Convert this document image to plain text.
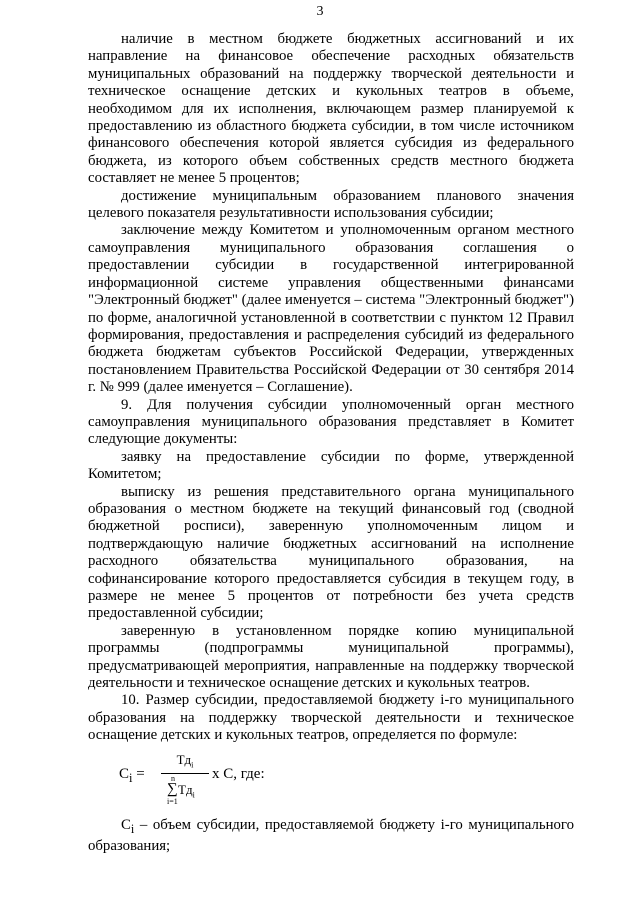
3

наличие в местном бюджете бюджетных ассигнований и их направление на финансовое обеспечение расходных обязательств муниципальных образований на поддержку творческой деятельности и техническое оснащение детских и кукольных театров в объеме, необходимом для их исполнения, включающем размер планируемой к предоставлению из областного бюджета субсидии, в том числе источником финансового обеспечения которой является субсидия из федерального бюджета, из которого объем собственных средств местного бюджета составляет не менее 5 процентов;

достижение муниципальным образованием планового значения целевого показателя результативности использования субсидии;

заключение между Комитетом и уполномоченным органом местного самоуправления муниципального образования соглашения о предоставлении субсидии в государственной интегрированной информационной системе управления общественными финансами "Электронный бюджет" (далее именуется – система "Электронный бюджет") по форме, аналогичной установленной в соответствии с пунктом 12 Правил формирования, предоставления и распределения субсидий из федерального бюджета бюджетам субъектов Российской Федерации, утвержденных постановлением Правительства Российской Федерации от 30 сентября 2014 г. № 999 (далее именуется – Соглашение).

9. Для получения субсидии уполномоченный орган местного самоуправления муниципального образования представляет в Комитет следующие документы:

заявку на предоставление субсидии по форме, утвержденной Комитетом;

выписку из решения представительного органа муниципального образования о местном бюджете на текущий финансовый год (сводной бюджетной росписи), заверенную уполномоченным лицом и подтверждающую наличие бюджетных ассигнований на исполнение расходного обязательства муниципального образования, на софинансирование которого предоставляется субсидия в текущем году, в размере не менее 5 процентов от потребности без учета средств предоставленной субсидии;

заверенную в установленном порядке копию муниципальной программы (подпрограммы муниципальной программы), предусматривающей мероприятия, направленные на поддержку творческой деятельности и техническое оснащение детских и кукольных театров.

10. Размер субсидии, предоставляемой бюджету i-го муниципального образования на поддержку творческой деятельности и техническое оснащение детских и кукольных театров, определяется по формуле:

$C_i$ =
$Тд_i$
n
∑ $Тд_i$
i=1
х С, где:

$C_i$ – объем субсидии, предоставляемой бюджету i-го муниципального образования;
